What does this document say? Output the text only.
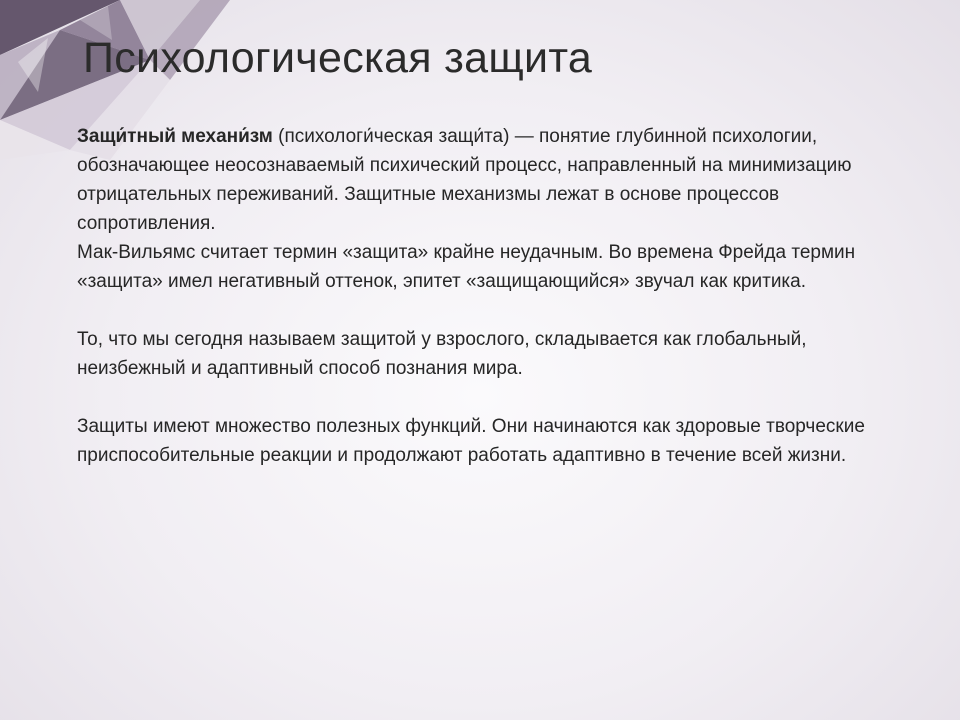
Психологическая защита

Защи́тный механи́зм (психологи́ческая защи́та) — понятие глубинной психологии, обозначающее неосознаваемый психический процесс, направленный на минимизацию отрицательных переживаний. Защитные механизмы лежат в основе процессов сопротивления.

Мак-Вильямс считает термин «защита» крайне неудачным. Во времена Фрейда термин «защита» имел негативный оттенок, эпитет «защищающийся» звучал как критика.

То, что мы сегодня называем защитой у взрослого, складывается как глобальный, неизбежный и адаптивный способ познания мира.

Защиты имеют множество полезных функций. Они начинаются как здоровые творческие приспособительные реакции и продолжают работать адаптивно в течение всей жизни.
